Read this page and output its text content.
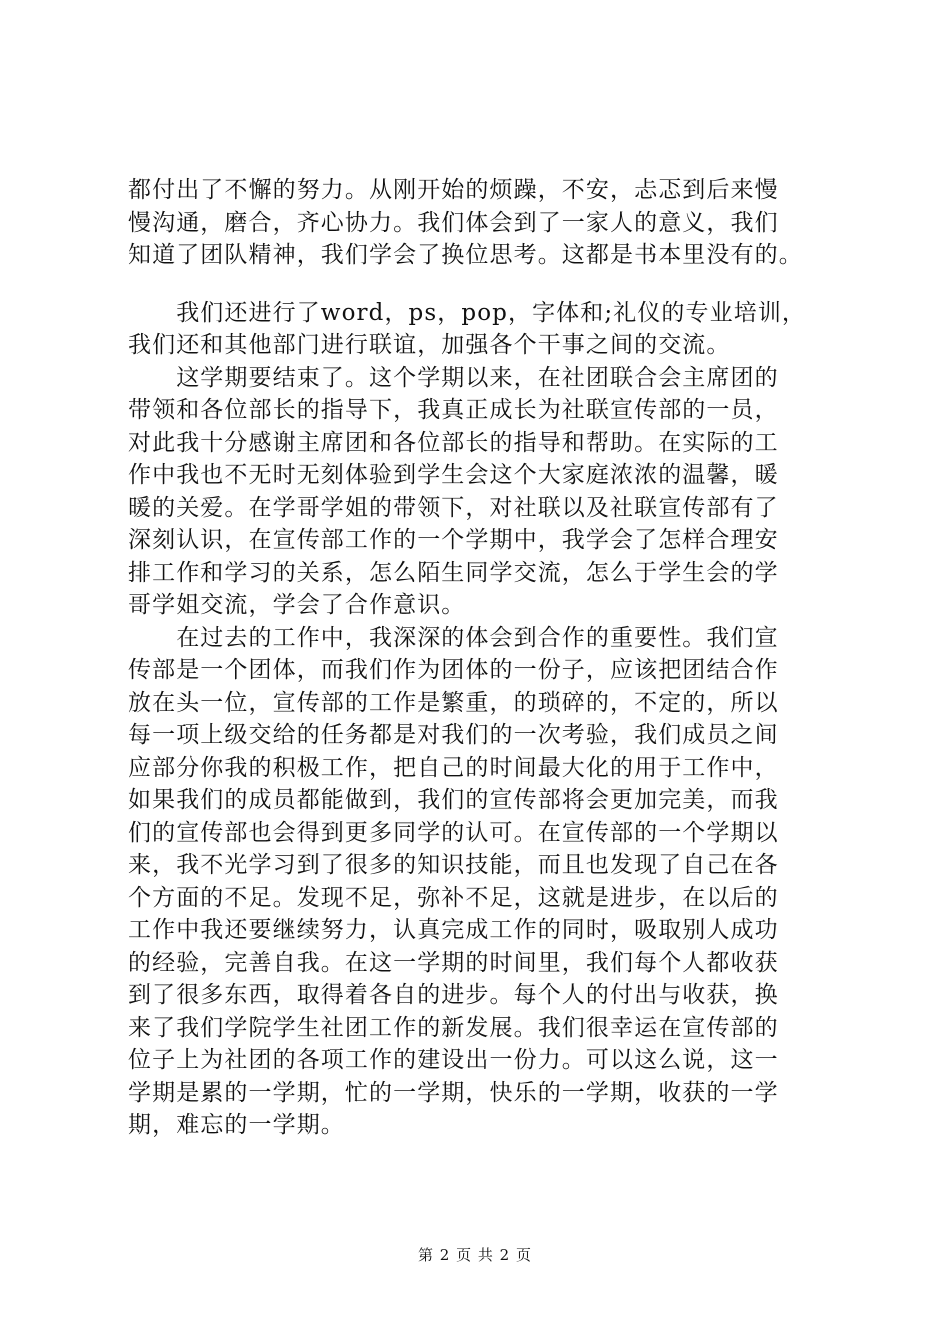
都付出了不懈的努力。从刚开始的烦躁，不安，忐忑到后来慢
慢沟通，磨合，齐心协力。我们体会到了一家人的意义，我们
知道了团队精神，我们学会了换位思考。这都是书本里没有的。
　　我们还进行了word，ps，pop，字体和;礼仪的专业培训，
我们还和其他部门进行联谊，加强各个干事之间的交流。
　　这学期要结束了。这个学期以来，在社团联合会主席团的
带领和各位部长的指导下，我真正成长为社联宣传部的一员，
对此我十分感谢主席团和各位部长的指导和帮助。在实际的工
作中我也不无时无刻体验到学生会这个大家庭浓浓的温馨，暖
暖的关爱。在学哥学姐的带领下，对社联以及社联宣传部有了
深刻认识，在宣传部工作的一个学期中，我学会了怎样合理安
排工作和学习的关系，怎么陌生同学交流，怎么于学生会的学
哥学姐交流，学会了合作意识。
　　在过去的工作中，我深深的体会到合作的重要性。我们宣
传部是一个团体，而我们作为团体的一份子，应该把团结合作
放在头一位，宣传部的工作是繁重，的琐碎的，不定的，所以
每一项上级交给的任务都是对我们的一次考验，我们成员之间
应部分你我的积极工作，把自己的时间最大化的用于工作中，
如果我们的成员都能做到，我们的宣传部将会更加完美，而我
们的宣传部也会得到更多同学的认可。在宣传部的一个学期以
来，我不光学习到了很多的知识技能，而且也发现了自己在各
个方面的不足。发现不足，弥补不足，这就是进步，在以后的
工作中我还要继续努力，认真完成工作的同时，吸取别人成功
的经验，完善自我。在这一学期的时间里，我们每个人都收获
到了很多东西，取得着各自的进步。每个人的付出与收获，换
来了我们学院学生社团工作的新发展。我们很幸运在宣传部的
位子上为社团的各项工作的建设出一份力。可以这么说，这一
学期是累的一学期，忙的一学期，快乐的一学期，收获的一学
期，难忘的一学期。
第 2 页 共 2 页
